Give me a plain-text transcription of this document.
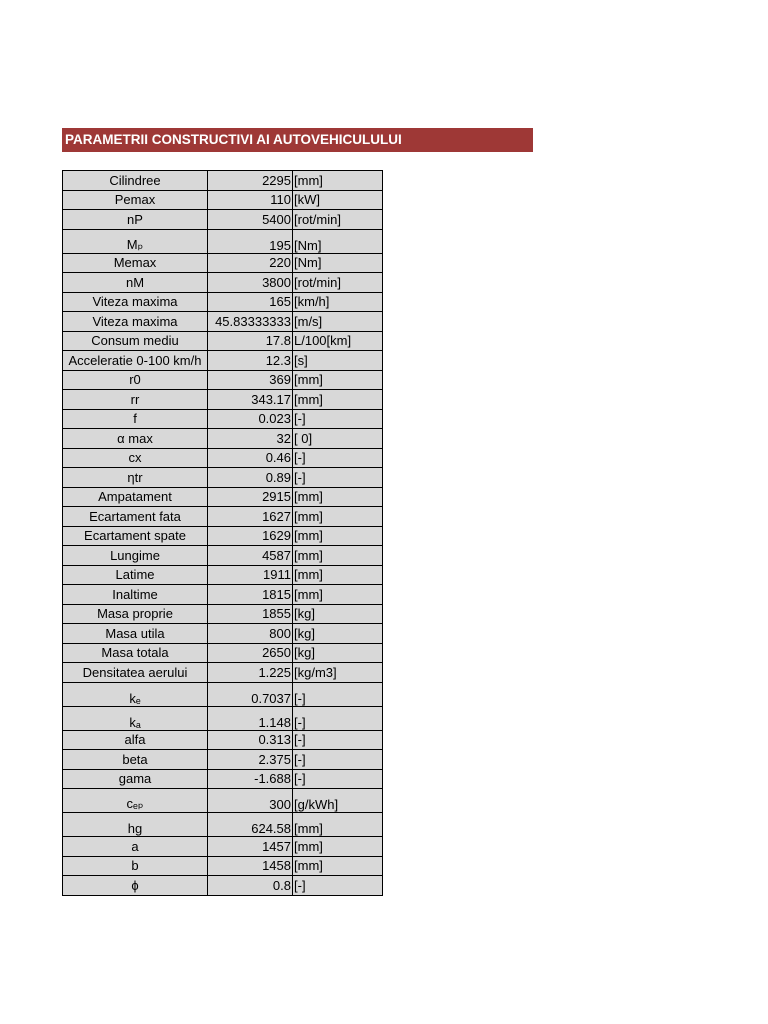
PARAMETRII CONSTRUCTIVI AI AUTOVEHICULULUI
Cilindree	2295	[mm]
Pemax	110	[kW]
nP	5400	[rot/min]
Mₚ	195	[Nm]
Memax	220	[Nm]
nM	3800	[rot/min]
Viteza maxima	165	[km/h]
Viteza maxima	45.83333333	[m/s]
Consum mediu	17.8	L/100[km]
Acceleratie 0-100 km/h	12.3	[s]
r0	369	[mm]
rr	343.17	[mm]
f	0.023	[-]
α max	32	[ 0]
cx	0.46	[-]
ηtr	0.89	[-]
Ampatament	2915	[mm]
Ecartament fata	1627	[mm]
Ecartament spate	1629	[mm]
Lungime	4587	[mm]
Latime	1911	[mm]
Inaltime	1815	[mm]
Masa proprie	1855	[kg]
Masa utila	800	[kg]
Masa totala	2650	[kg]
Densitatea aerului	1.225	[kg/m3]
kₑ	0.7037	[-]
kₐ	1.148	[-]
alfa	0.313	[-]
beta	2.375	[-]
gama	-1.688	[-]
cₑₚ	300	[g/kWh]
hg	624.58	[mm]
a	1457	[mm]
b	1458	[mm]
ϕ	0.8	[-]
